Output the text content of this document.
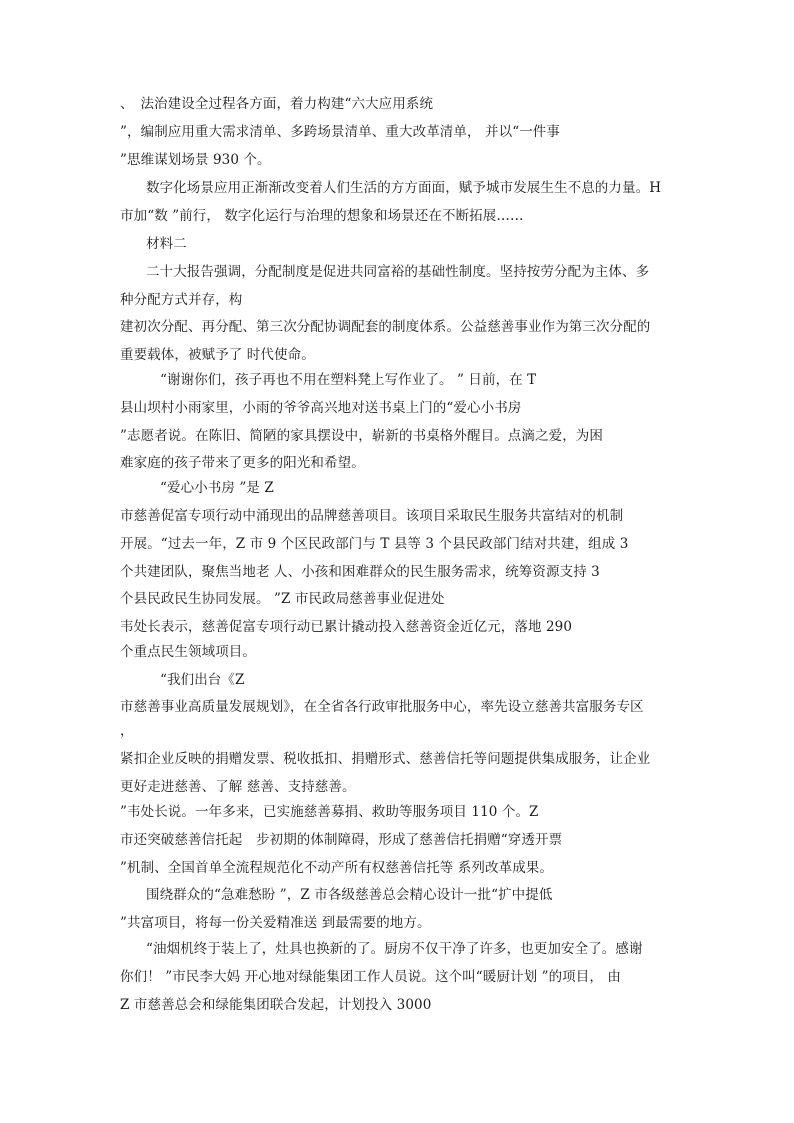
、　法治建设全过程各方面，着力构建“六大应用系统
”，编制应用重大需求清单、多跨场景清单、重大改革清单， 并以“一件事
”思维谋划场景 930 个。
数字化场景应用正渐渐改变着人们生活的方方面面，赋予城市发展生生不息的力量。H
市加“数 ”前行， 数字化运行与治理的想象和场景还在不断拓展……
材料二
二十大报告强调，分配制度是促进共同富裕的基础性制度。坚持按劳分配为主体、多
种分配方式并存，构
建初次分配、再分配、第三次分配协调配套的制度体系。公益慈善事业作为第三次分配的
重要载体，被赋予了 时代使命。
“谢谢你们，孩子再也不用在塑料凳上写作业了。 ” 日前，在 T
县山坝村小雨家里，小雨的爷爷高兴地对送书桌上门的“爱心小书房
”志愿者说。在陈旧、简陋的家具摆设中，崭新的书桌格外醒目。点滴之爱，为困
难家庭的孩子带来了更多的阳光和希望。
“爱心小书房 ”是 Z
市慈善促富专项行动中涌现出的品牌慈善项目。该项目采取民生服务共富结对的机制
开展。“过去一年，Z 市 9 个区民政部门与 T 县等 3 个县民政部门结对共建，组成 3
个共建团队，聚焦当地老 人、小孩和困难群众的民生服务需求，统筹资源支持 3
个县民政民生协同发展。 ”Z 市民政局慈善事业促进处
韦处长表示，慈善促富专项行动已累计撬动投入慈善资金近亿元，落地 290
个重点民生领域项目。
“我们出台《Z
市慈善事业高质量发展规划》，在全省各行政审批服务中心，率先设立慈善共富服务专区
，
紧扣企业反映的捐赠发票、税收抵扣、捐赠形式、慈善信托等问题提供集成服务，让企业
更好走进慈善、了解 慈善、支持慈善。
”韦处长说。一年多来，已实施慈善募捐、救助等服务项目 110 个。Z
市还突破慈善信托起　步初期的体制障碍，形成了慈善信托捐赠“穿透开票
”机制、全国首单全流程规范化不动产所有权慈善信托等 系列改革成果。
围绕群众的“急难愁盼 ”，Z 市各级慈善总会精心设计一批“扩中提低
”共富项目，将每一份关爱精准送 到最需要的地方。
“油烟机终于装上了，灶具也换新的了。厨房不仅干净了许多，也更加安全了。感谢
你们！ ”市民李大妈 开心地对绿能集团工作人员说。这个叫“暖厨计划 ”的项目， 由
Z 市慈善总会和绿能集团联合发起，计划投入 3000
